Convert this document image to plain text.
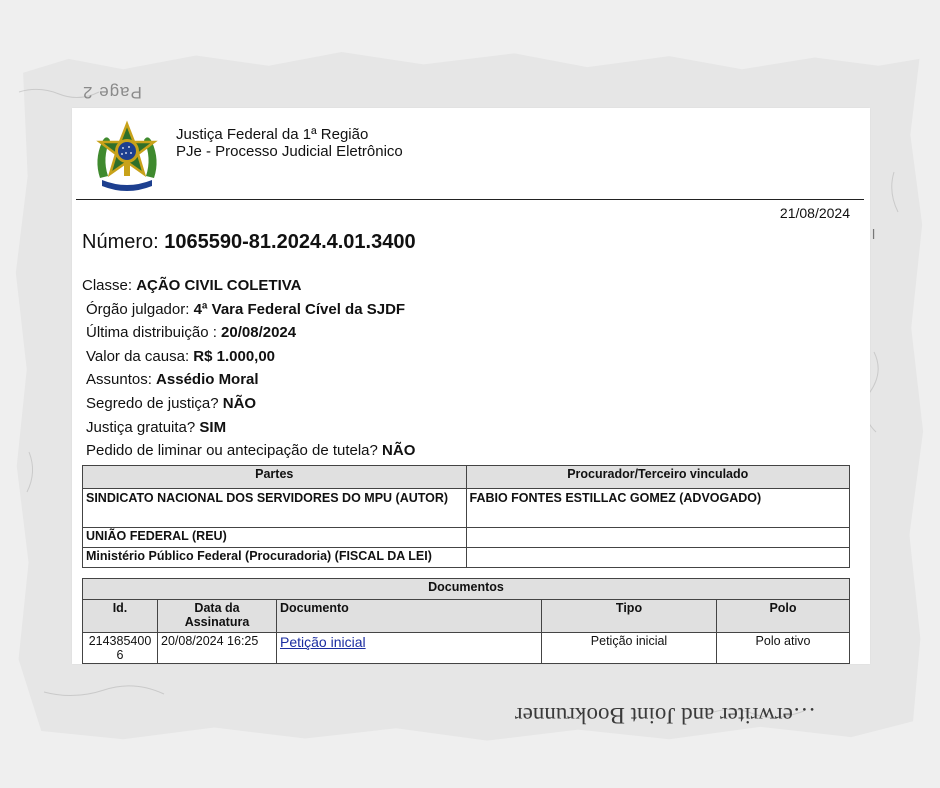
Page 2
…erwriter and Joint Bookrunner
l
Justiça Federal da 1ª Região
PJe - Processo Judicial Eletrônico
21/08/2024
Número: 1065590-81.2024.4.01.3400
Classe: AÇÃO CIVIL COLETIVA
Órgão julgador: 4ª Vara Federal Cível da SJDF
Última distribuição : 20/08/2024
Valor da causa: R$ 1.000,00
Assuntos: Assédio Moral
Segredo de justiça? NÃO
Justiça gratuita? SIM
Pedido de liminar ou antecipação de tutela? NÃO
Partes	Procurador/Terceiro vinculado
SINDICATO NACIONAL DOS SERVIDORES DO MPU (AUTOR)	FABIO FONTES ESTILLAC GOMEZ (ADVOGADO)
UNIÃO FEDERAL (REU)	
Ministério Público Federal (Procuradoria) (FISCAL DA LEI)	
Documentos				
Id.	Data da Assinatura	Documento	Tipo	Polo
2143854006	20/08/2024 16:25	Petição inicial	Petição inicial	Polo ativo
